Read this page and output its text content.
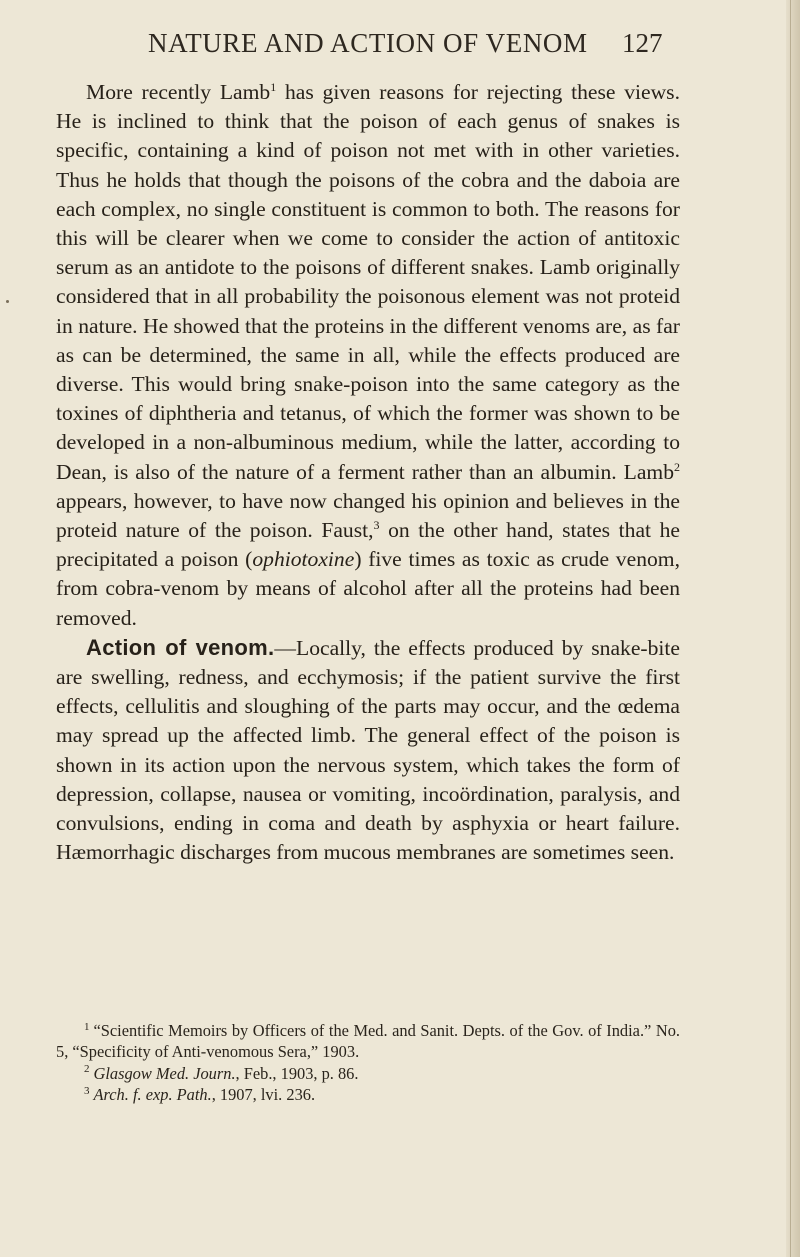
NATURE AND ACTION OF VENOM	127

More recently Lamb$^1$ has given reasons for rejecting these views. He is inclined to think that the poison of each genus of snakes is specific, containing a kind of poison not met with in other varieties. Thus he holds that though the poisons of the cobra and the daboia are each complex, no single constituent is common to both. The reasons for this will be clearer when we come to consider the action of antitoxic serum as an antidote to the poisons of different snakes. Lamb originally considered that in all probability the poisonous element was not proteid in nature. He showed that the proteins in the different venoms are, as far as can be determined, the same in all, while the effects produced are diverse. This would bring snake-poison into the same category as the toxines of diphtheria and tetanus, of which the former was shown to be developed in a non-albuminous medium, while the latter, according to Dean, is also of the nature of a ferment rather than an albumin. Lamb$^2$ appears, however, to have now changed his opinion and believes in the proteid nature of the poison. Faust,$^3$ on the other hand, states that he precipitated a poison (ophiotoxine) five times as toxic as crude venom, from cobra-venom by means of alcohol after all the proteins had been removed.

Action of venom.—Locally, the effects produced by snake-bite are swelling, redness, and ecchymosis; if the patient survive the first effects, cellulitis and sloughing of the parts may occur, and the œdema may spread up the affected limb. The general effect of the poison is shown in its action upon the nervous system, which takes the form of depression, collapse, nausea or vomiting, incoördination, paralysis, and convulsions, ending in coma and death by asphyxia or heart failure. Hæmorrhagic discharges from mucous membranes are sometimes seen.

$^1$ “Scientific Memoirs by Officers of the Med. and Sanit. Depts. of the Gov. of India.” No. 5, “Specificity of Anti-venomous Sera,” 1903.

$^2$ Glasgow Med. Journ., Feb., 1903, p. 86.

$^3$ Arch. f. exp. Path., 1907, lvi. 236.
